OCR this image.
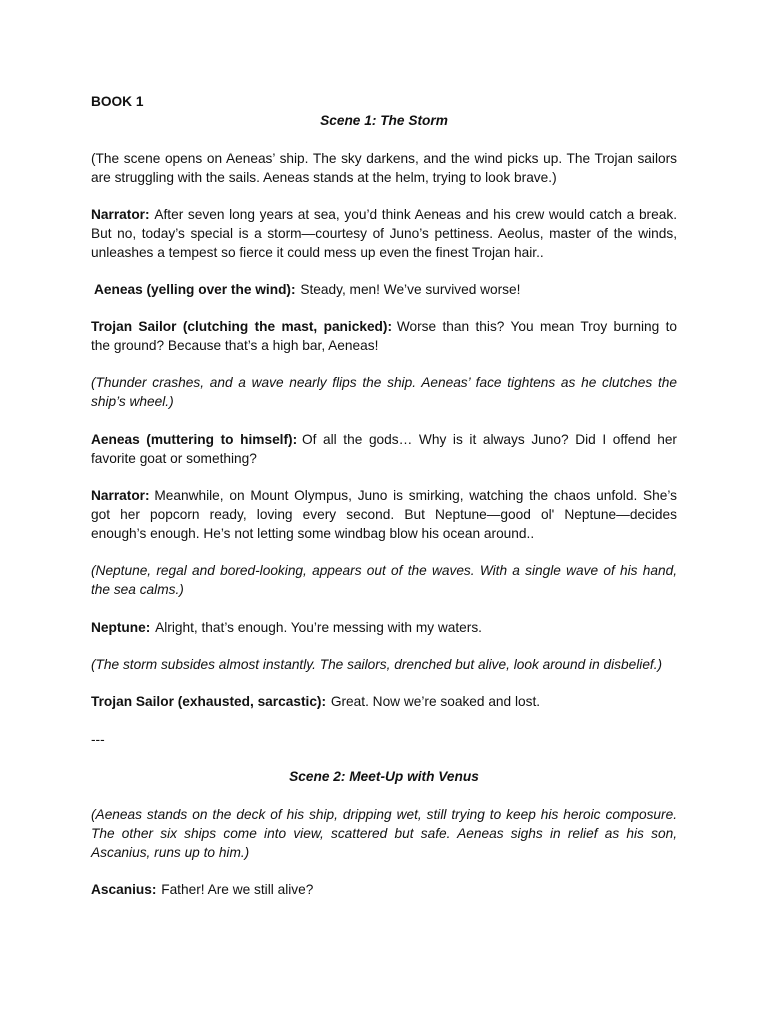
BOOK 1

Scene 1: The Storm

(The scene opens on Aeneas’ ship. The sky darkens, and the wind picks up. The Trojan sailors

are struggling with the sails. Aeneas stands at the helm, trying to look brave.)

Narrator: After seven long years at sea, you’d think Aeneas and his crew would catch a break.

But no, today’s special is a storm—courtesy of Juno’s pettiness. Aeolus, master of the winds,

unleashes a tempest so fierce it could mess up even the finest Trojan hair..

Aeneas (yelling over the wind): Steady, men! We’ve survived worse!

Trojan Sailor (clutching the mast, panicked): Worse than this? You mean Troy burning to

the ground? Because that’s a high bar, Aeneas!

(Thunder crashes, and a wave nearly flips the ship. Aeneas’ face tightens as he clutches the

ship’s wheel.)

Aeneas (muttering to himself): Of all the gods… Why is it always Juno? Did I offend her

favorite goat or something?

Narrator: Meanwhile, on Mount Olympus, Juno is smirking, watching the chaos unfold. She’s

got her popcorn ready, loving every second. But Neptune—good ol' Neptune—decides

enough’s enough. He’s not letting some windbag blow his ocean around..

(Neptune, regal and bored-looking, appears out of the waves. With a single wave of his hand,

the sea calms.)

Neptune: Alright, that’s enough. You’re messing with my waters.

(The storm subsides almost instantly. The sailors, drenched but alive, look around in disbelief.)

Trojan Sailor (exhausted, sarcastic): Great. Now we’re soaked and lost.

---

Scene 2: Meet-Up with Venus

(Aeneas stands on the deck of his ship, dripping wet, still trying to keep his heroic composure.

The other six ships come into view, scattered but safe. Aeneas sighs in relief as his son,

Ascanius, runs up to him.)

Ascanius: Father! Are we still alive?
